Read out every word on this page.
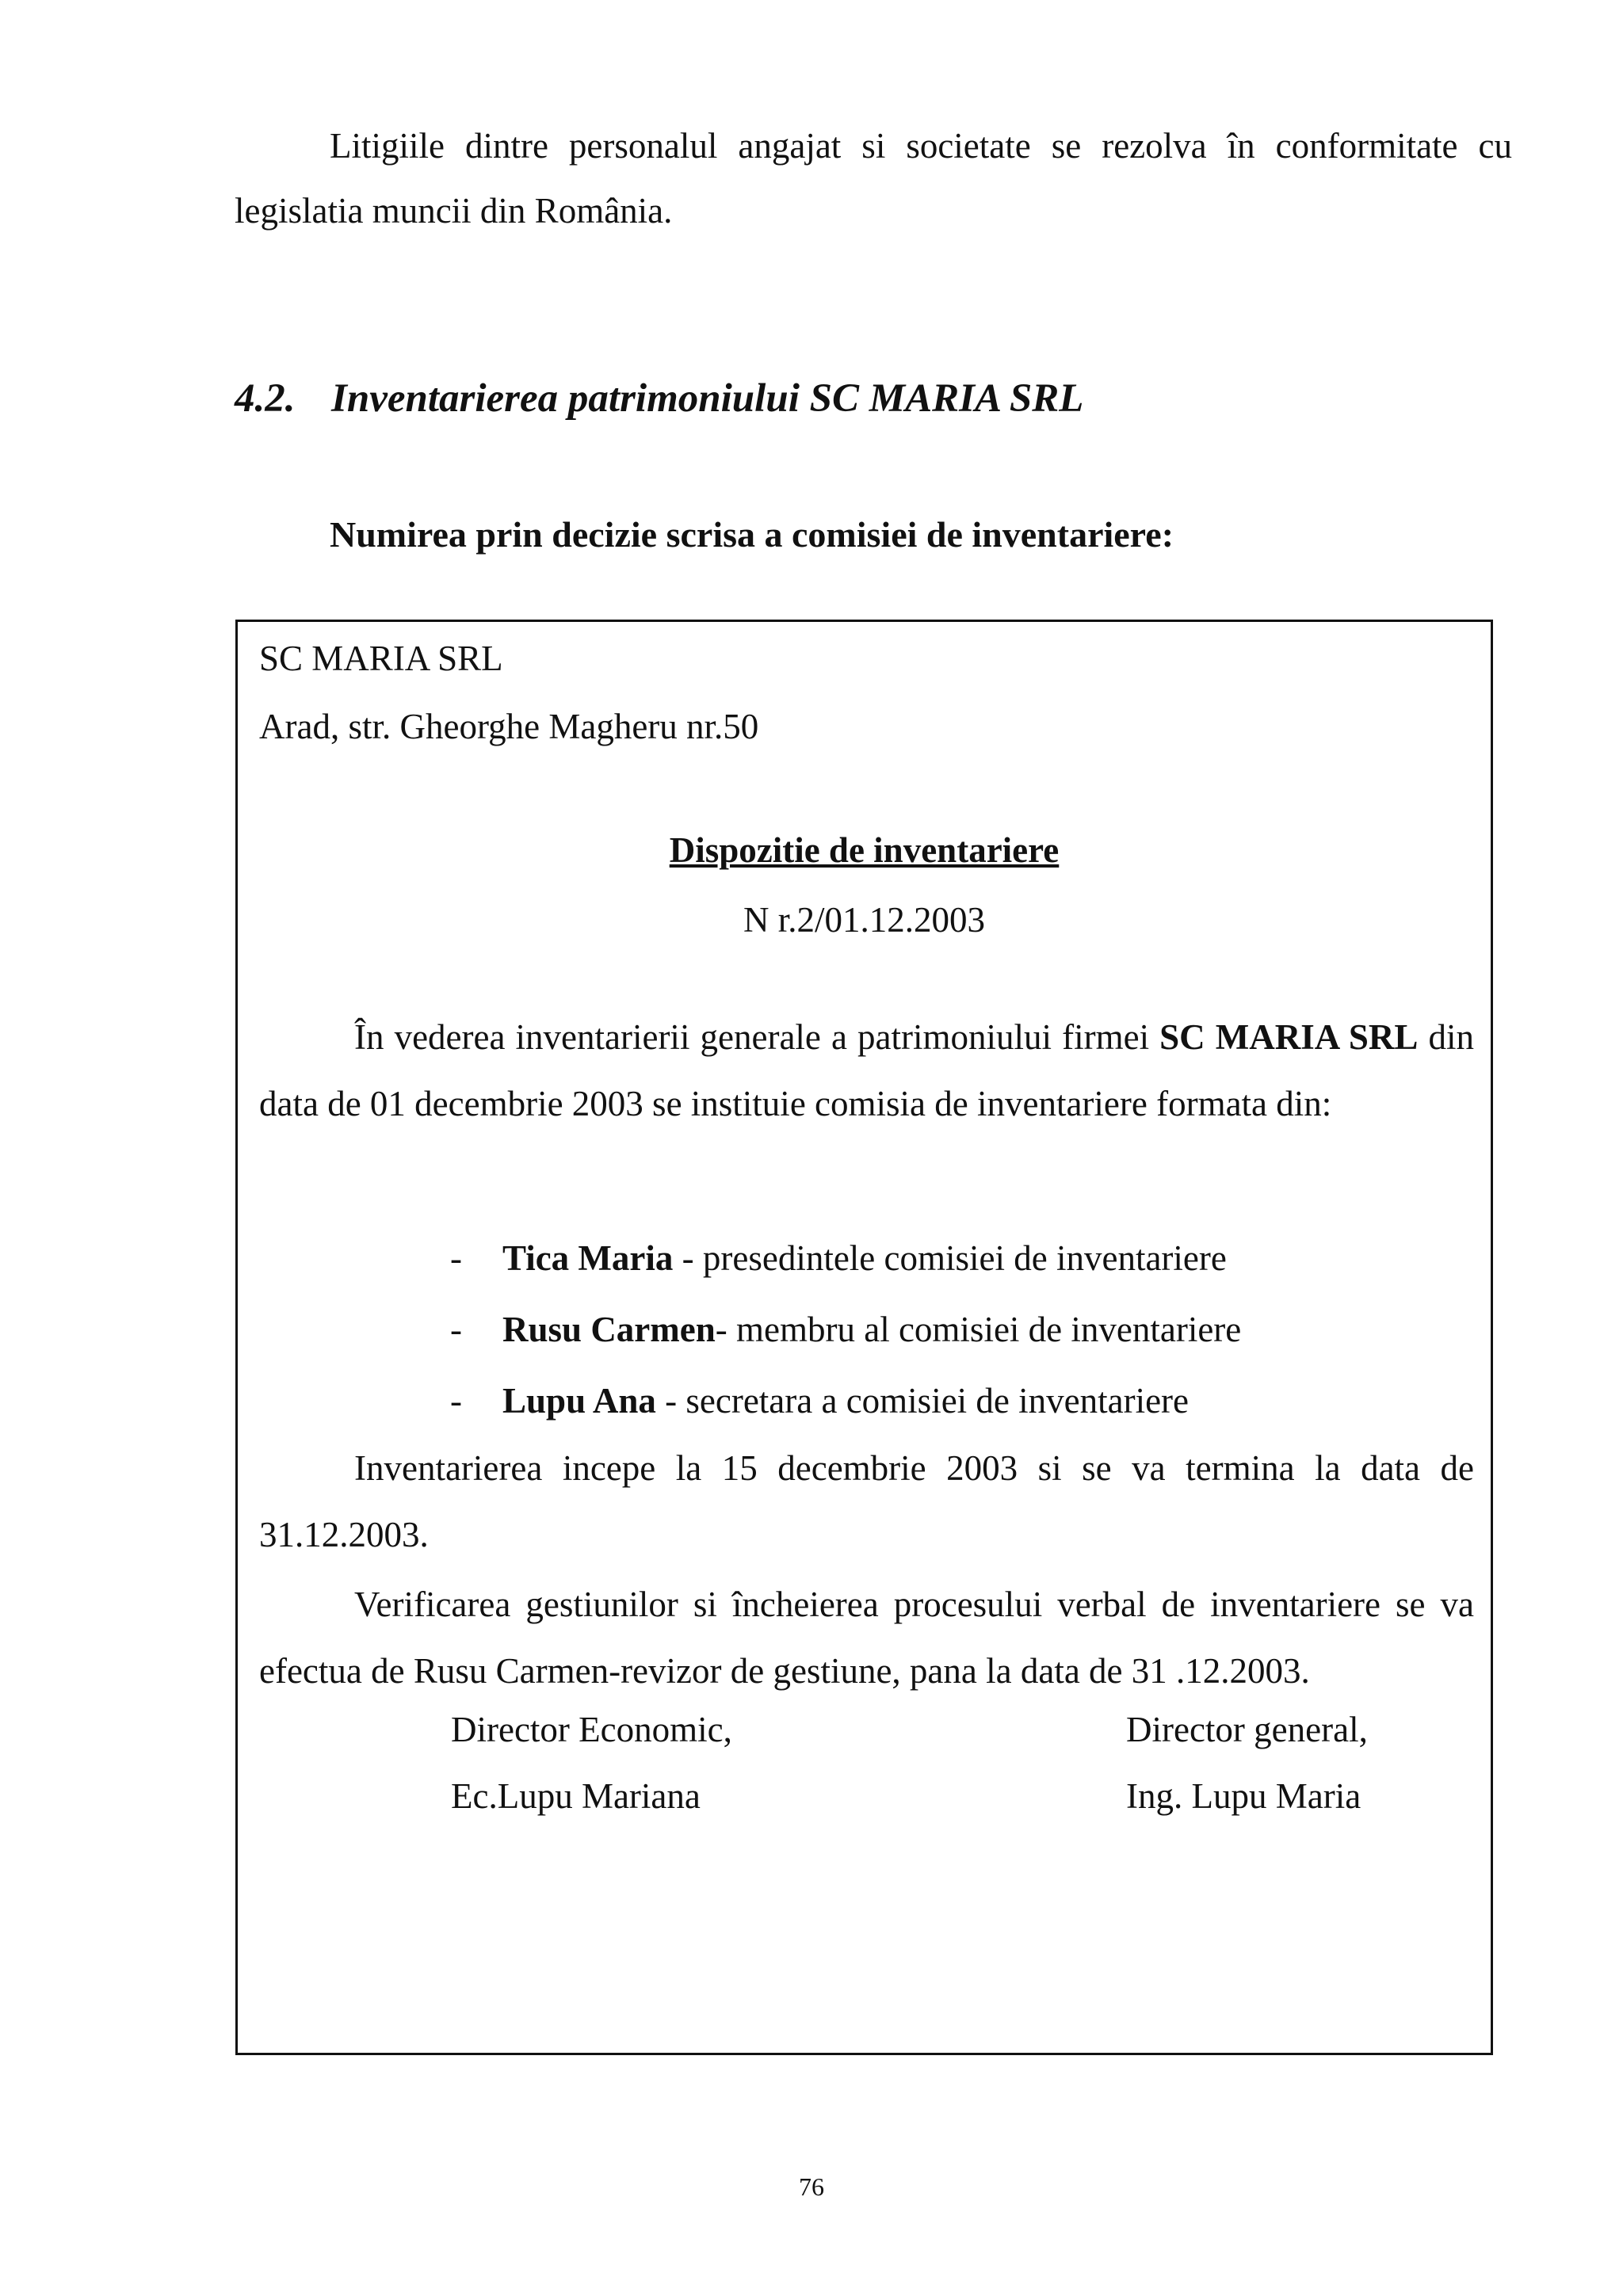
Litigiile dintre personalul angajat si societate se rezolva în conformitate cu legislatia muncii din România.

4.2. Inventarierea patrimoniului SC MARIA SRL
Numirea prin decizie scrisa a comisiei de inventariere:

SC MARIA SRL

Arad, str. Gheorghe Magheru nr.50

Dispozitie de inventariere

N r.2/01.12.2003

În vederea inventarierii generale a patrimoniului firmei SC MARIA SRL din data de 01 decembrie 2003 se instituie comisia de inventariere formata din:

- Tica Maria - presedintele comisiei de inventariere
- Rusu Carmen- membru al comisiei de inventariere
- Lupu Ana - secretara a comisiei de inventariere

Inventarierea incepe la 15 decembrie 2003 si se va termina la data de 31.12.2003.

Verificarea gestiunilor si încheierea procesului verbal de inventariere se va efectua de Rusu Carmen-revizor de gestiune, pana la data de 31 .12.2003.

Director Economic,
Ec.Lupu Mariana
Director general,
Ing. Lupu Maria
76
